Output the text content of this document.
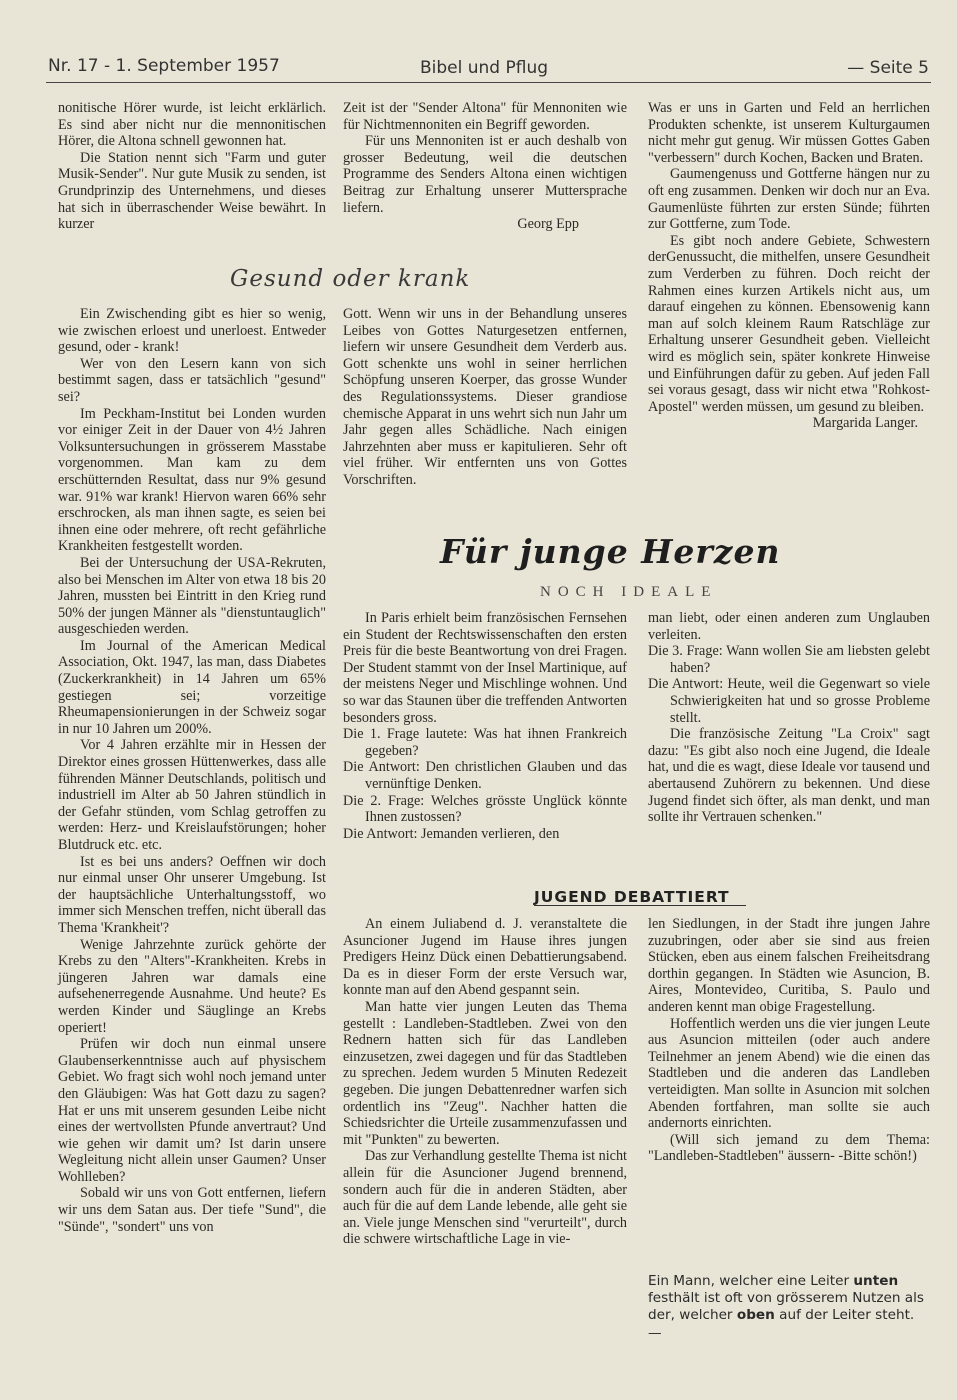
Nr. 17 - 1. September 1957	Bibel und Pflug	— Seite 5

nonitische Hörer wurde, ist leicht erklärlich. Es sind aber nicht nur die mennonitischen Hörer, die Altona schnell gewonnen hat.

Die Station nennt sich "Farm und guter Musik-Sender". Nur gute Musik zu senden, ist Grundprinzip des Unternehmens, und dieses hat sich in überraschender Weise bewährt. In kurzer

Zeit ist der "Sender Altona" für Mennoniten wie für Nichtmennoniten ein Begriff geworden.

Für uns Mennoniten ist er auch deshalb von grosser Bedeutung, weil die deutschen Programme des Senders Altona einen wichtigen Beitrag zur Erhaltung unserer Muttersprache liefern.

Georg Epp
Gesund oder krank

Ein Zwischending gibt es hier so wenig, wie zwischen erloest und unerloest. Entweder gesund, oder - krank!

Wer von den Lesern kann von sich bestimmt sagen, dass er tatsächlich "gesund" sei?

Im Peckham-Institut bei Londen wurden vor einiger Zeit in der Dauer von 4½ Jahren Volksuntersuchungen in grösserem Masstabe vorgenommen. Man kam zu dem erschütternden Resultat, dass nur 9% gesund war. 91% war krank! Hiervon waren 66% sehr erschrocken, als man ihnen sagte, es seien bei ihnen eine oder mehrere, oft recht gefährliche Krankheiten festgestellt worden.

Bei der Untersuchung der USA-Rekruten, also bei Menschen im Alter von etwa 18 bis 20 Jahren, mussten bei Eintritt in den Krieg rund 50% der jungen Männer als "dienstuntauglich" ausgeschieden werden.

Im Journal of the American Medical Association, Okt. 1947, las man, dass Diabetes (Zuckerkrankheit) in 14 Jahren um 65% gestiegen sei; vorzeitige Rheumapensionierungen in der Schweiz sogar in nur 10 Jahren um 200%.

Vor 4 Jahren erzählte mir in Hessen der Direktor eines grossen Hüttenwerkes, dass alle führenden Männer Deutschlands, politisch und industriell im Alter ab 50 Jahren stündlich in der Gefahr stünden, vom Schlag getroffen zu werden: Herz- und Kreislaufstörungen; hoher Blutdruck etc. etc.

Ist es bei uns anders? Oeffnen wir doch nur einmal unser Ohr unserer Umgebung. Ist der hauptsächliche Unterhaltungsstoff, wo immer sich Menschen treffen, nicht überall das Thema 'Krankheit'?

Wenige Jahrzehnte zurück gehörte der Krebs zu den "Alters"-Krankheiten. Krebs in jüngeren Jahren war damals eine aufsehenerregende Ausnahme. Und heute? Es werden Kinder und Säuglinge an Krebs operiert!

Prüfen wir doch nun einmal unsere Glaubenserkenntnisse auch auf physischem Gebiet. Wo fragt sich wohl noch jemand unter den Gläubigen: Was hat Gott dazu zu sagen? Hat er uns mit unserem gesunden Leibe nicht eines der wertvollsten Pfunde anvertraut? Und wie gehen wir damit um? Ist darin unsere Wegleitung nicht allein unser Gaumen? Unser Wohlleben?

Sobald wir uns von Gott entfernen, liefern wir uns dem Satan aus. Der tiefe "Sund", die "Sünde", "sondert" uns von

Gott. Wenn wir uns in der Behandlung unseres Leibes von Gottes Naturgesetzen entfernen, liefern wir unsere Gesundheit dem Verderb aus. Gott schenkte uns wohl in seiner herrlichen Schöpfung unseren Koerper, das grosse Wunder des Regulationssystems. Dieser grandiose chemische Apparat in uns wehrt sich nun Jahr um Jahr gegen alles Schädliche. Nach einigen Jahrzehnten aber muss er kapitulieren. Sehr oft viel früher. Wir entfernten uns von Gottes Vorschriften.

Was er uns in Garten und Feld an herrlichen Produkten schenkte, ist unserem Kulturgaumen nicht mehr gut genug. Wir müssen Gottes Gaben "verbessern" durch Kochen, Backen und Braten.

Gaumengenuss und Gottferne hängen nur zu oft eng zusammen. Denken wir doch nur an Eva. Gaumenlüste führten zur ersten Sünde; führten zur Gottferne, zum Tode.

Es gibt noch andere Gebiete, Schwestern derGenussucht, die mithelfen, unsere Gesundheit zum Verderben zu führen. Doch reicht der Rahmen eines kurzen Artikels nicht aus, um darauf eingehen zu können. Ebensowenig kann man auf solch kleinem Raum Ratschläge zur Erhaltung unserer Gesundheit geben. Vielleicht wird es möglich sein, später konkrete Hinweise und Einführungen dafür zu geben. Auf jeden Fall sei voraus gesagt, dass wir nicht etwa "Rohkost-Apostel" werden müssen, um gesund zu bleiben.

Margarida Langer.
Für junge Herzen
NOCH IDEALE

In Paris erhielt beim französischen Fernsehen ein Student der Rechtswissenschaften den ersten Preis für die beste Beantwortung von drei Fragen. Der Student stammt von der Insel Martinique, auf der meistens Neger und Mischlinge wohnen. Und so war das Staunen über die treffenden Antworten besonders gross.

Die 1. Frage lautete: Was hat ihnen Frankreich gegeben?

Die Antwort: Den christlichen Glauben und das vernünftige Denken.

Die 2. Frage: Welches grösste Unglück könnte Ihnen zustossen?

Die Antwort: Jemanden verlieren, den

man liebt, oder einen anderen zum Unglauben verleiten.

Die 3. Frage: Wann wollen Sie am liebsten gelebt haben?

Die Antwort: Heute, weil die Gegenwart so viele Schwierigkeiten hat und so grosse Probleme stellt.

Die französische Zeitung "La Croix" sagt dazu: "Es gibt also noch eine Jugend, die Ideale hat, und die es wagt, diese Ideale vor tausend und abertausend Zuhörern zu bekennen. Und diese Jugend findet sich öfter, als man denkt, und man sollte ihr Vertrauen schenken."

JUGEND DEBATTIERT

An einem Juliabend d. J. veranstaltete die Asuncioner Jugend im Hause ihres jungen Predigers Heinz Dück einen Debattierungsabend. Da es in dieser Form der erste Versuch war, konnte man auf den Abend gespannt sein.

Man hatte vier jungen Leuten das Thema gestellt : Landleben-Stadtleben. Zwei von den Rednern hatten sich für das Landleben einzusetzen, zwei dagegen und für das Stadtleben zu sprechen. Jedem wurden 5 Minuten Redezeit gegeben. Die jungen Debattenredner warfen sich ordentlich ins "Zeug". Nachher hatten die Schiedsrichter die Urteile zusammenzufassen und mit "Punkten" zu bewerten.

Das zur Verhandlung gestellte Thema ist nicht allein für die Asuncioner Jugend brennend, sondern auch für die in anderen Städten, aber auch für die auf dem Lande lebende, alle geht sie an. Viele junge Menschen sind "verurteilt", durch die schwere wirtschaftliche Lage in vie-

len Siedlungen, in der Stadt ihre jungen Jahre zuzubringen, oder aber sie sind aus freien Stücken, eben aus einem falschen Freiheitsdrang dorthin gegangen. In Städten wie Asuncion, B. Aires, Montevideo, Curitiba, S. Paulo und anderen kennt man obige Fragestellung.

Hoffentlich werden uns die vier jungen Leute aus Asuncion mitteilen (oder auch andere Teilnehmer an jenem Abend) wie die einen das Stadtleben und die anderen das Landleben verteidigten. Man sollte in Asuncion mit solchen Abenden fortfahren, man sollte sie auch andernorts einrichten.

(Will sich jemand zu dem Thema: "Landleben-Stadtleben" äussern- -Bitte schön!)

Ein Mann, welcher eine Leiter unten festhält ist oft von grösserem Nutzen als der, welcher oben auf der Leiter steht. —
